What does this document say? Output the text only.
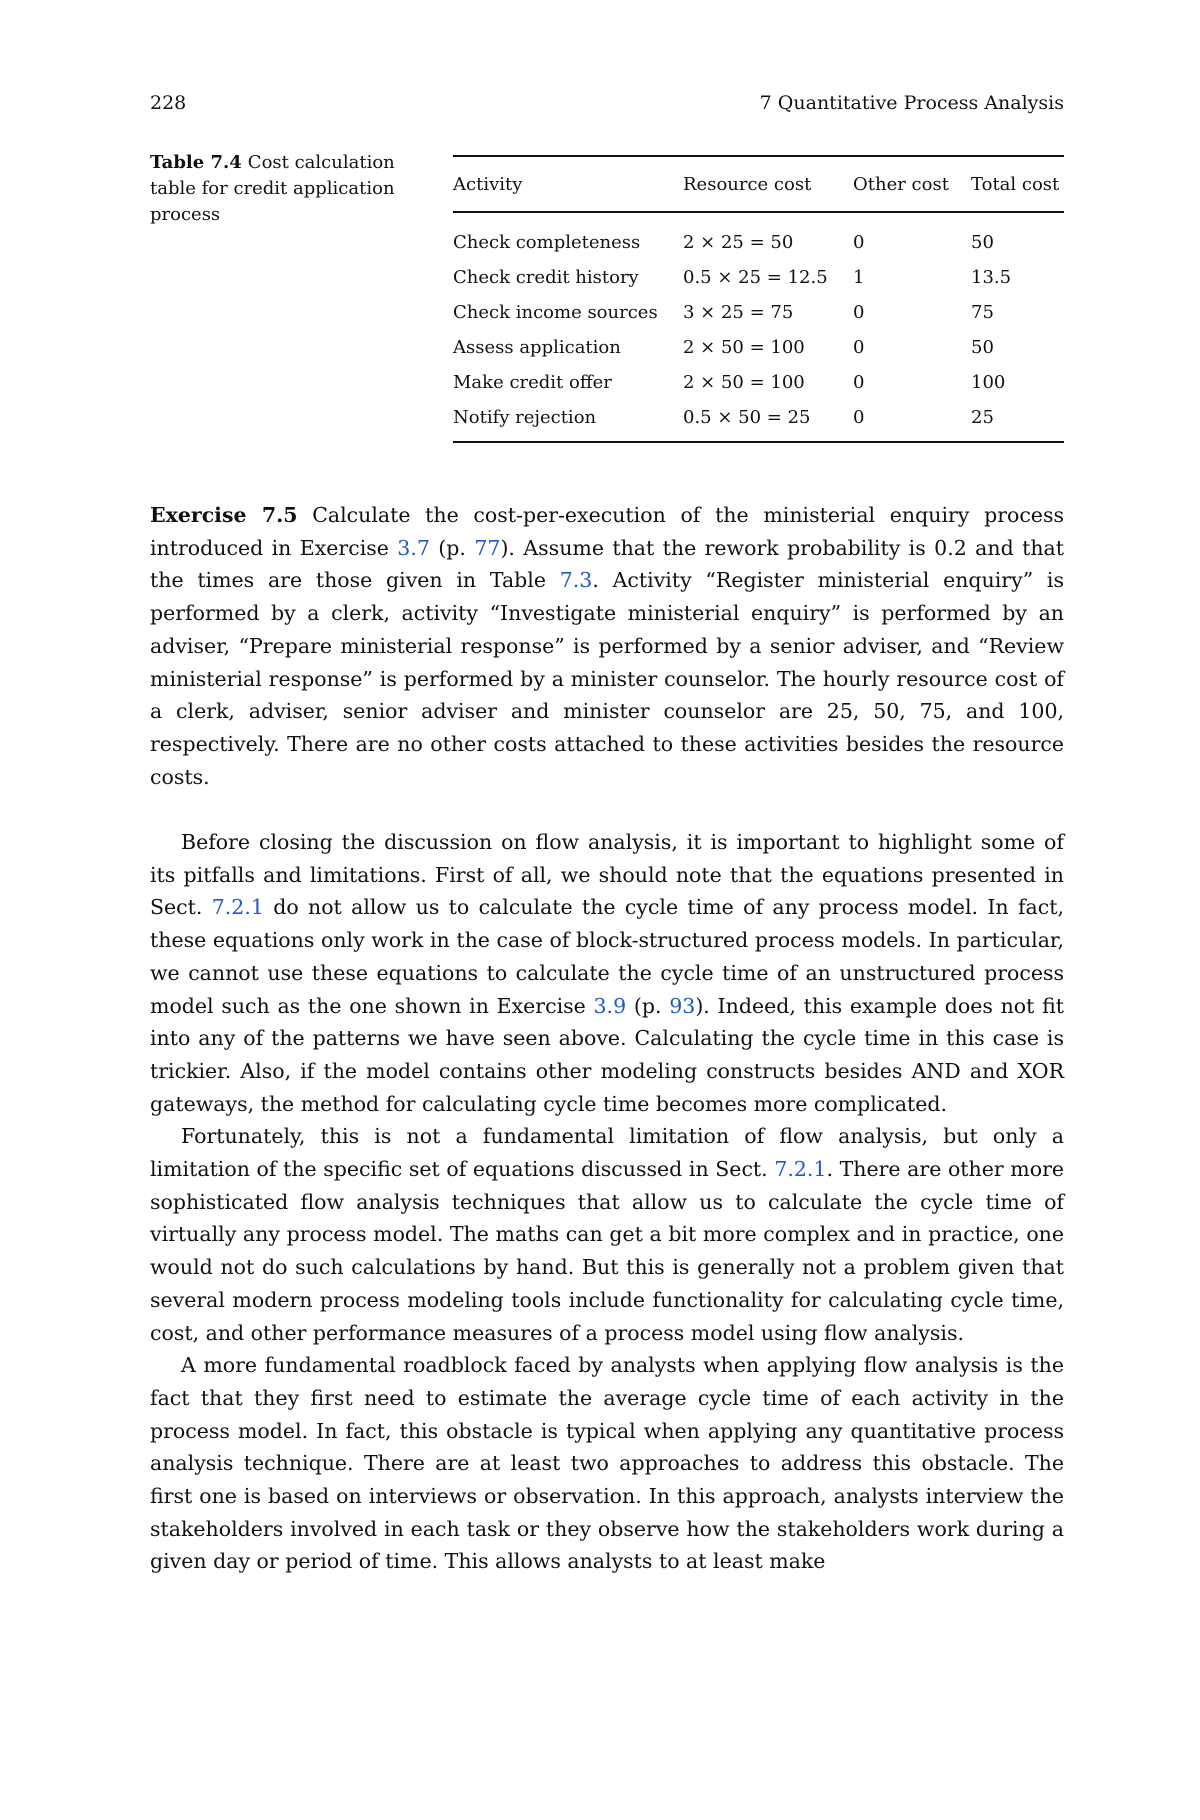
228	7 Quantitative Process Analysis
Table 7.4 Cost calculation table for credit application process
Activity	Resource cost	Other cost	Total cost
Check completeness	2 × 25 = 50	0	50
Check credit history	0.5 × 25 = 12.5	1	13.5
Check income sources	3 × 25 = 75	0	75
Assess application	2 × 50 = 100	0	50
Make credit offer	2 × 50 = 100	0	100
Notify rejection	0.5 × 50 = 25	0	25

Exercise 7.5 Calculate the cost-per-execution of the ministerial enquiry process introduced in Exercise 3.7 (p. 77). Assume that the rework probability is 0.2 and that the times are those given in Table 7.3. Activity “Register ministerial enquiry” is performed by a clerk, activity “Investigate ministerial enquiry” is performed by an adviser, “Prepare ministerial response” is performed by a senior adviser, and “Review ministerial response” is performed by a minister counselor. The hourly resource cost of a clerk, adviser, senior adviser and minister counselor are 25, 50, 75, and 100, respectively. There are no other costs attached to these activities besides the resource costs.

Before closing the discussion on flow analysis, it is important to highlight some of its pitfalls and limitations. First of all, we should note that the equations presented in Sect. 7.2.1 do not allow us to calculate the cycle time of any process model. In fact, these equations only work in the case of block-structured process models. In particular, we cannot use these equations to calculate the cycle time of an unstructured process model such as the one shown in Exercise 3.9 (p. 93). Indeed, this example does not fit into any of the patterns we have seen above. Calculating the cycle time in this case is trickier. Also, if the model contains other modeling constructs besides AND and XOR gateways, the method for calculating cycle time becomes more complicated.

Fortunately, this is not a fundamental limitation of flow analysis, but only a limitation of the specific set of equations discussed in Sect. 7.2.1. There are other more sophisticated flow analysis techniques that allow us to calculate the cycle time of virtually any process model. The maths can get a bit more complex and in practice, one would not do such calculations by hand. But this is generally not a problem given that several modern process modeling tools include functionality for calculating cycle time, cost, and other performance measures of a process model using flow analysis.

A more fundamental roadblock faced by analysts when applying flow analysis is the fact that they first need to estimate the average cycle time of each activity in the process model. In fact, this obstacle is typical when applying any quantitative process analysis technique. There are at least two approaches to address this obstacle. The first one is based on interviews or observation. In this approach, analysts interview the stakeholders involved in each task or they observe how the stakeholders work during a given day or period of time. This allows analysts to at least make
